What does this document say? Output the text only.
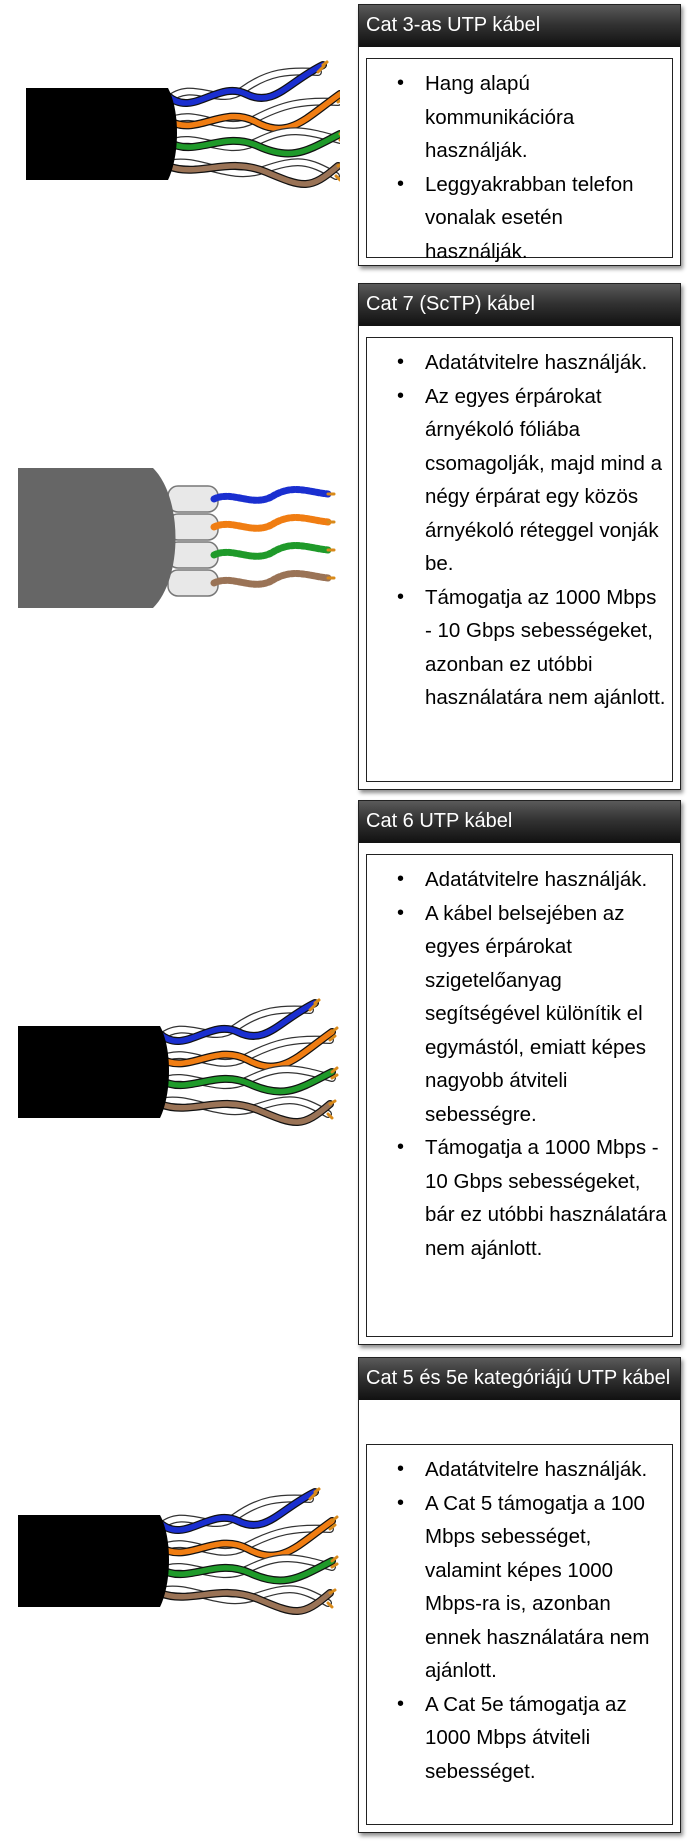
Cat 3-as UTP kábel
• Hang alapú kommunikációra használják.
• Leggyakrabban telefon vonalak esetén használják.
Cat 7 (ScTP) kábel
• Adatátvitelre használják.
• Az egyes érpárokat árnyékoló fóliába csomagolják, majd mind a négy érpárat egy közös árnyékoló réteggel vonják be.
• Támogatja az 1000 Mbps - 10 Gbps sebességeket, azonban ez utóbbi használatára nem ajánlott.
Cat 6 UTP kábel
• Adatátvitelre használják.
• A kábel belsejében az egyes érpárokat szigetelőanyag segítségével különítik el egymástól, emiatt képes nagyobb átviteli sebességre.
• Támogatja a 1000 Mbps - 10 Gbps sebességeket, bár ez utóbbi használatára nem ajánlott.
Cat 5 és 5e kategóriájú UTP kábel
• Adatátvitelre használják.
• A Cat 5 támogatja a 100 Mbps sebességet, valamint képes 1000 Mbps-ra is, azonban ennek használatára nem ajánlott.
• A Cat 5e támogatja az 1000 Mbps átviteli sebességet.
